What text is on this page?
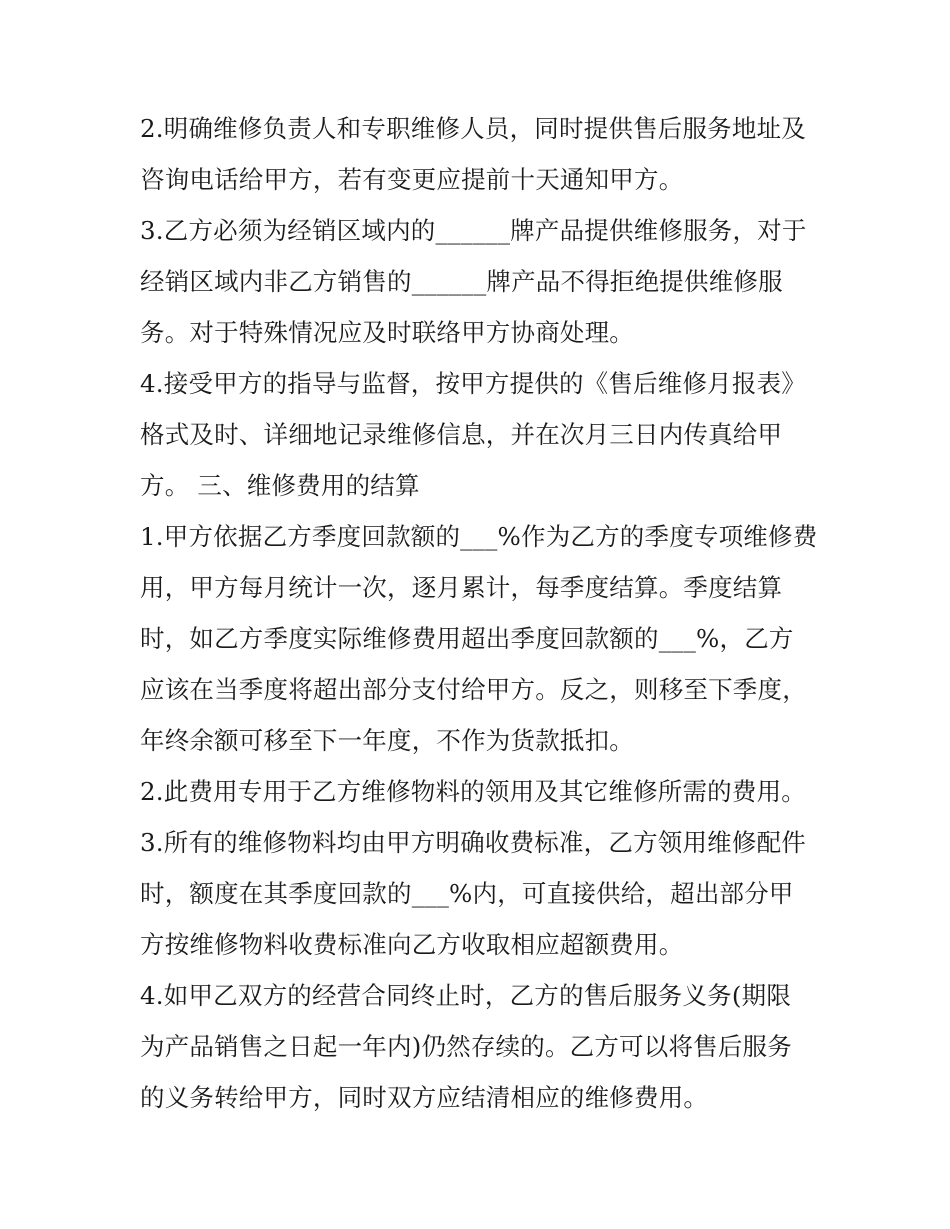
2.明确维修负责人和专职维修人员，同时提供售后服务地址及
咨询电话给甲方，若有变更应提前十天通知甲方。
3.乙方必须为经销区域内的______牌产品提供维修服务，对于
经销区域内非乙方销售的______牌产品不得拒绝提供维修服
务。对于特殊情况应及时联络甲方协商处理。
4.接受甲方的指导与监督，按甲方提供的《售后维修月报表》
格式及时、详细地记录维修信息，并在次月三日内传真给甲
方。 三、维修费用的结算
1.甲方依据乙方季度回款额的___%作为乙方的季度专项维修费
用，甲方每月统计一次，逐月累计，每季度结算。季度结算
时，如乙方季度实际维修费用超出季度回款额的___%，乙方
应该在当季度将超出部分支付给甲方。反之，则移至下季度，
年终余额可移至下一年度，不作为货款抵扣。
2.此费用专用于乙方维修物料的领用及其它维修所需的费用。
3.所有的维修物料均由甲方明确收费标准，乙方领用维修配件
时，额度在其季度回款的___%内，可直接供给，超出部分甲
方按维修物料收费标准向乙方收取相应超额费用。
4.如甲乙双方的经营合同终止时，乙方的售后服务义务(期限
为产品销售之日起一年内)仍然存续的。乙方可以将售后服务
的义务转给甲方，同时双方应结清相应的维修费用。
